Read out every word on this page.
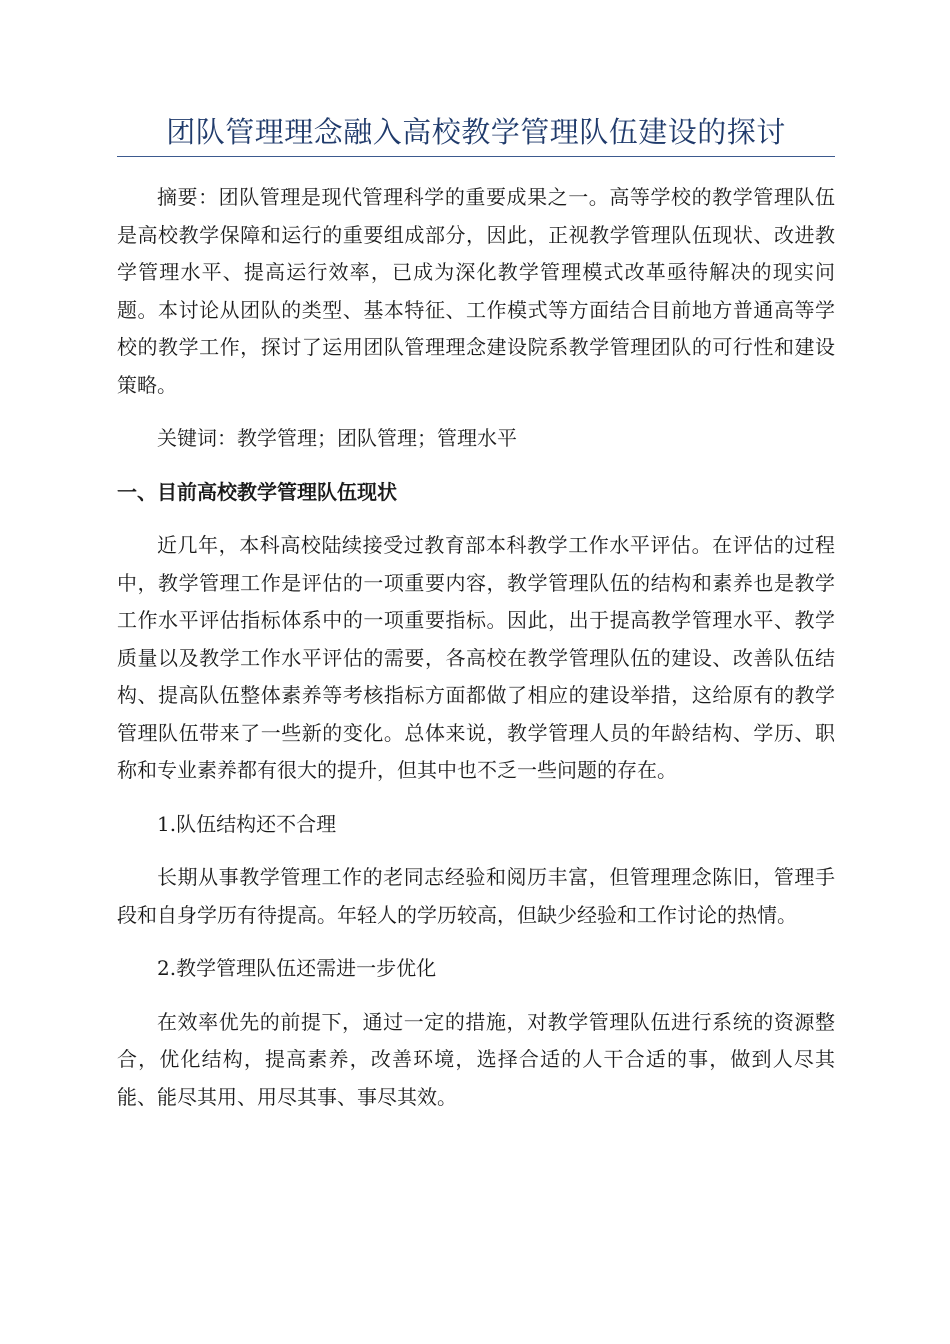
团队管理理念融入高校教学管理队伍建设的探讨

摘要：团队管理是现代管理科学的重要成果之一。高等学校的教学管理队伍是高校教学保障和运行的重要组成部分，因此，正视教学管理队伍现状、改进教学管理水平、提高运行效率，已成为深化教学管理模式改革亟待解决的现实问题。本讨论从团队的类型、基本特征、工作模式等方面结合目前地方普通高等学校的教学工作，探讨了运用团队管理理念建设院系教学管理团队的可行性和建设策略。

关键词：教学管理；团队管理；管理水平

一、目前高校教学管理队伍现状

近几年，本科高校陆续接受过教育部本科教学工作水平评估。在评估的过程中，教学管理工作是评估的一项重要内容，教学管理队伍的结构和素养也是教学工作水平评估指标体系中的一项重要指标。因此，出于提高教学管理水平、教学质量以及教学工作水平评估的需要，各高校在教学管理队伍的建设、改善队伍结构、提高队伍整体素养等考核指标方面都做了相应的建设举措，这给原有的教学管理队伍带来了一些新的变化。总体来说，教学管理人员的年龄结构、学历、职称和专业素养都有很大的提升，但其中也不乏一些问题的存在。

1.队伍结构还不合理

长期从事教学管理工作的老同志经验和阅历丰富，但管理理念陈旧，管理手段和自身学历有待提高。年轻人的学历较高，但缺少经验和工作讨论的热情。

2.教学管理队伍还需进一步优化

在效率优先的前提下，通过一定的措施，对教学管理队伍进行系统的资源整合，优化结构，提高素养，改善环境，选择合适的人干合适的事，做到人尽其能、能尽其用、用尽其事、事尽其效。
